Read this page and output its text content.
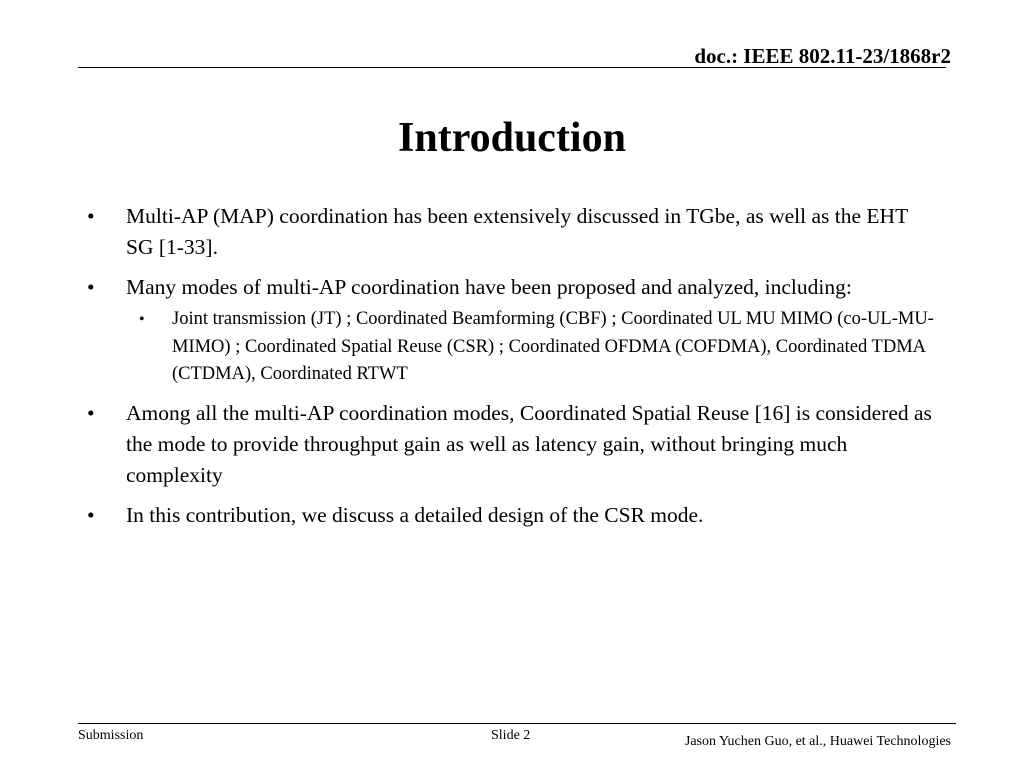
doc.: IEEE 802.11-23/1868r2
Introduction
• Multi-AP (MAP) coordination has been extensively discussed in TGbe, as well as the EHT SG [1-33].
• Many modes of multi-AP coordination have been proposed and analyzed, including:
• Joint transmission (JT) ; Coordinated Beamforming (CBF) ; Coordinated UL MU MIMO (co-UL-MU-MIMO) ; Coordinated Spatial Reuse (CSR) ; Coordinated OFDMA (COFDMA), Coordinated TDMA (CTDMA), Coordinated RTWT
• Among all the multi-AP coordination modes, Coordinated Spatial Reuse [16] is considered as the mode to provide throughput gain as well as latency gain, without bringing much complexity
• In this contribution, we discuss a detailed design of the CSR mode.
Submission	Slide 2	Jason Yuchen Guo, et al., Huawei Technologies
